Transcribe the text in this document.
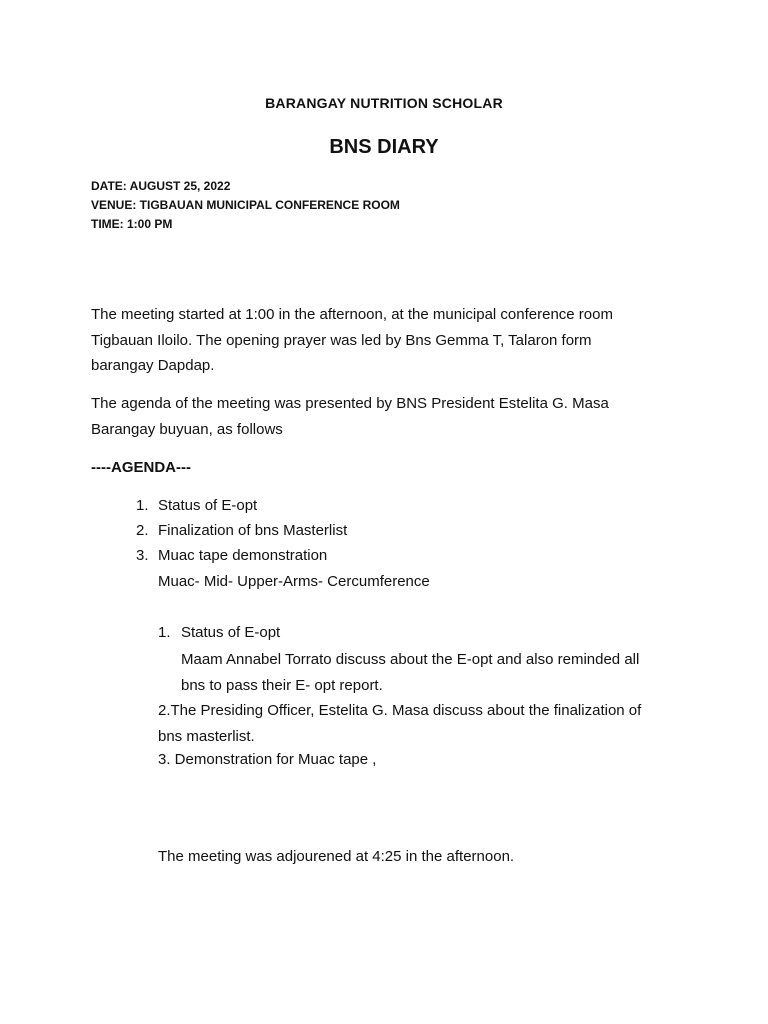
BARANGAY NUTRITION SCHOLAR
BNS DIARY
DATE: AUGUST 25, 2022
VENUE: TIGBAUAN MUNICIPAL CONFERENCE ROOM
TIME: 1:00 PM
The meeting started at 1:00 in the afternoon, at the municipal conference room
Tigbauan Iloilo. The opening prayer was led by Bns Gemma T, Talaron form
barangay Dapdap.
The agenda of the meeting was presented by BNS President Estelita G. Masa
Barangay buyuan, as follows
----AGENDA---
1. Status of E-opt
2. Finalization of bns Masterlist
3. Muac tape demonstration
Muac- Mid- Upper-Arms- Cercumference
1. Status of E-opt
Maam Annabel Torrato discuss about the E-opt and also reminded all
bns to pass their E- opt report.
2.The Presiding Officer, Estelita G. Masa discuss about the finalization of
bns masterlist.
3. Demonstration for Muac tape ,
The meeting was adjourened at 4:25 in the afternoon.
